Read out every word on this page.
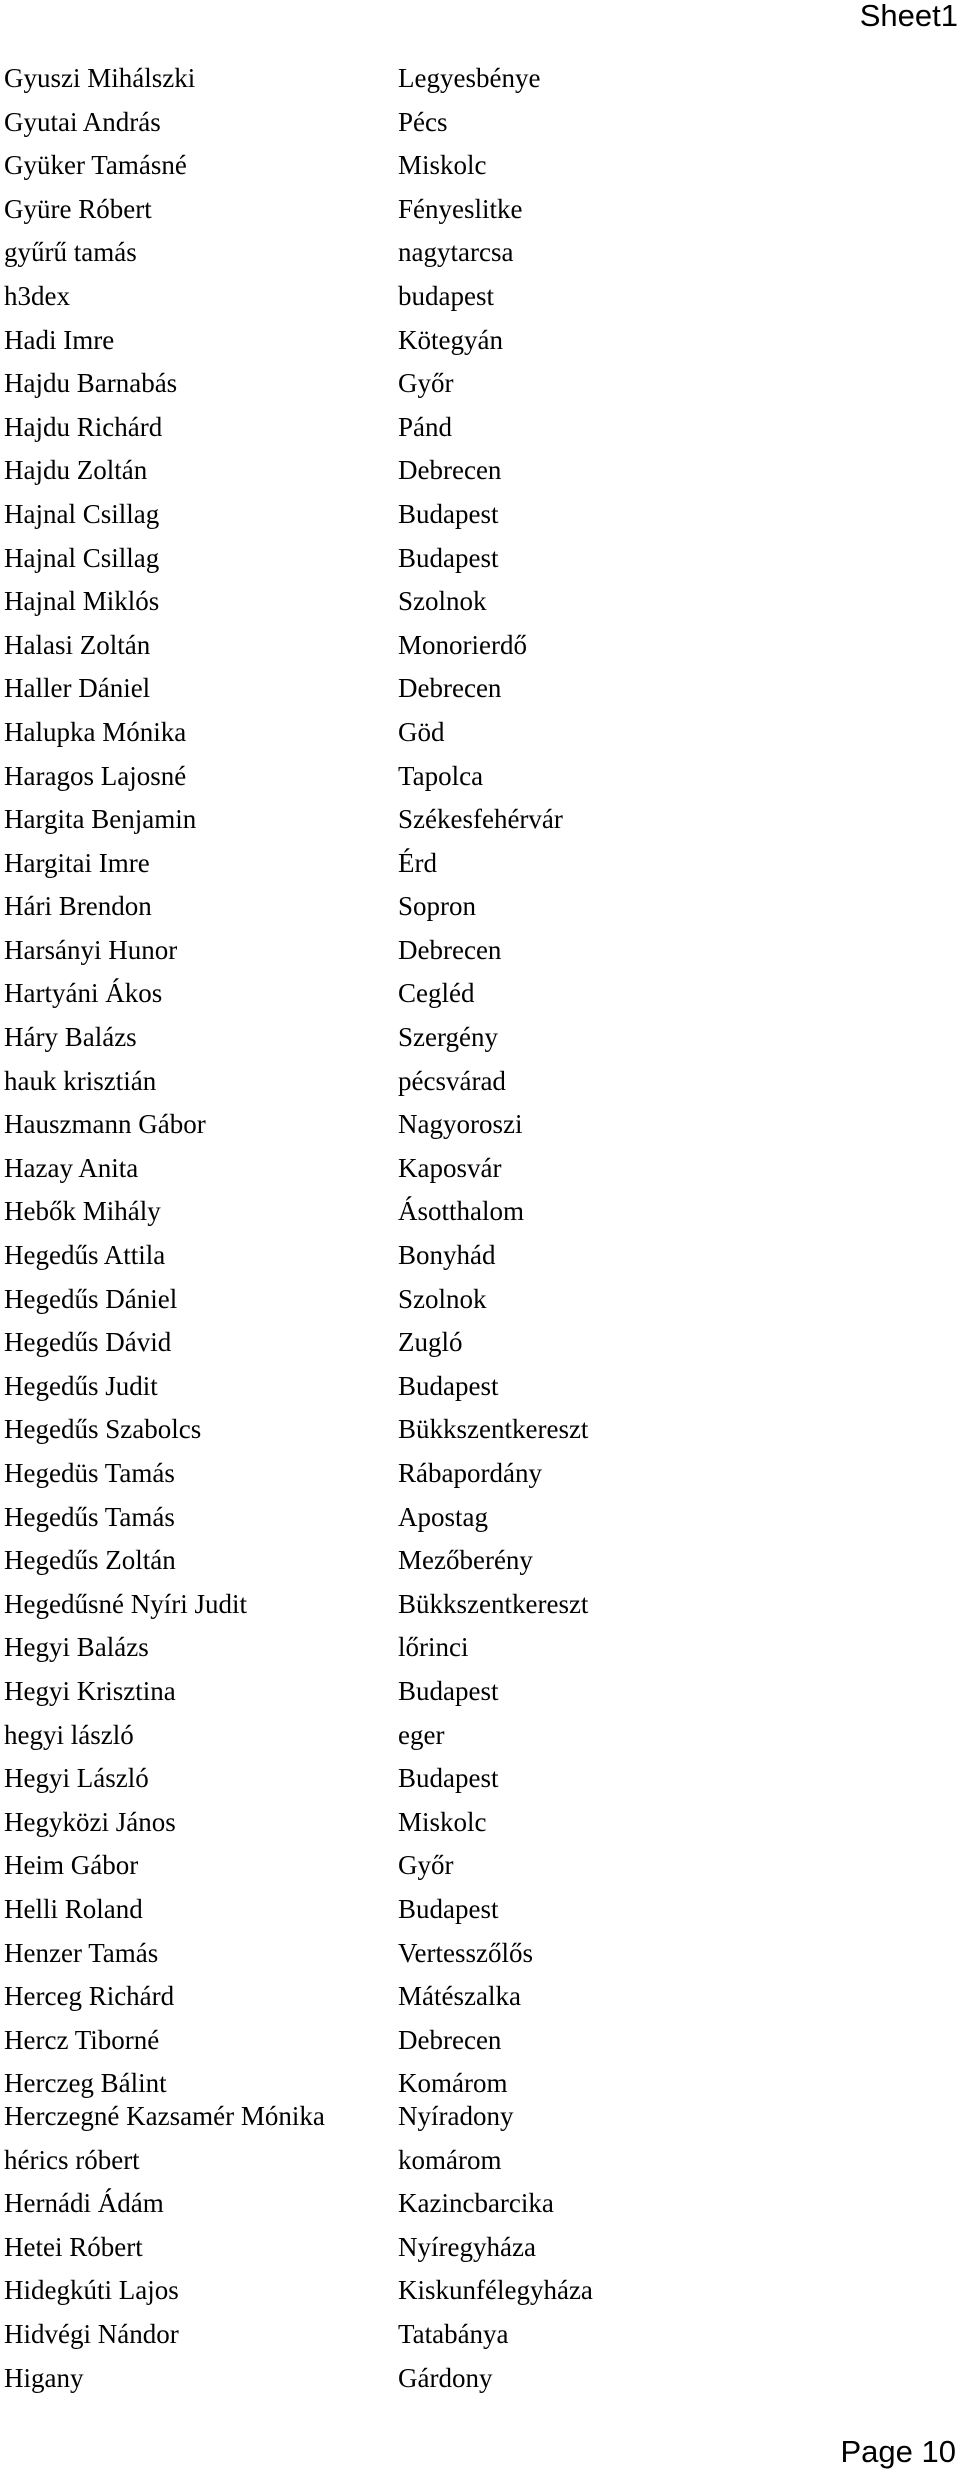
Sheet1
Gyuszi Mihálszki	Legyesbénye
Gyutai András	Pécs
Gyüker Tamásné	Miskolc
Gyüre Róbert	Fényeslitke
gyűrű tamás	nagytarcsa
h3dex	budapest
Hadi Imre	Kötegyán
Hajdu Barnabás	Győr
Hajdu Richárd	Pánd
Hajdu Zoltán	Debrecen
Hajnal Csillag	Budapest
Hajnal Csillag	Budapest
Hajnal Miklós	Szolnok
Halasi Zoltán	Monorierdő
Haller Dániel	Debrecen
Halupka Mónika	Göd
Haragos Lajosné	Tapolca
Hargita Benjamin	Székesfehérvár
Hargitai Imre	Érd
Hári Brendon	Sopron
Harsányi Hunor	Debrecen
Hartyáni Ákos	Cegléd
Háry Balázs	Szergény
hauk krisztián	pécsvárad
Hauszmann Gábor	Nagyoroszi
Hazay Anita	Kaposvár
Hebők Mihály	Ásotthalom
Hegedűs Attila	Bonyhád
Hegedűs Dániel	Szolnok
Hegedűs Dávid	Zugló
Hegedűs Judit	Budapest
Hegedűs Szabolcs	Bükkszentkereszt
Hegedüs Tamás	Rábapordány
Hegedűs Tamás	Apostag
Hegedűs Zoltán	Mezőberény
Hegedűsné Nyíri Judit	Bükkszentkereszt
Hegyi Balázs	lőrinci
Hegyi Krisztina	Budapest
hegyi lászló	eger
Hegyi László	Budapest
Hegyközi János	Miskolc
Heim Gábor	Győr
Helli Roland	Budapest
Henzer Tamás	Vertesszőlős
Herceg Richárd	Mátészalka
Hercz Tiborné	Debrecen
Herczeg Bálint	Komárom
Herczegné Kazsamér Mónika	Nyíradony
hérics róbert	komárom
Hernádi Ádám	Kazincbarcika
Hetei Róbert	Nyíregyháza
Hidegkúti Lajos	Kiskunfélegyháza
Hidvégi Nándor	Tatabánya
Higany	Gárdony
Page 10
